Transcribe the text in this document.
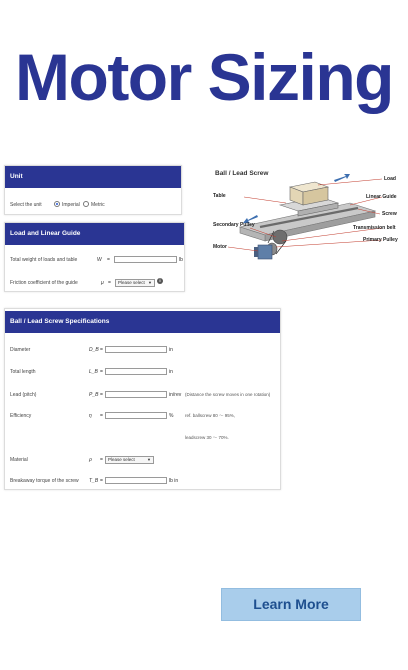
Motor Sizing
Unit
Select the unit	Imperial Metric
Load and Linear Guide
Total weight of loads and table	W =	lb
Friction coefficient of the guide	μ =	Please select ▼	i
Ball / Lead Screw Specifications
Diameter	D_B =	in
Total length	L_B =	in
Lead (pitch)	P_B =	in/rev (Distance the screw moves in one rotation)
Efficiency	η =	%	ref. ballscrew 80 〜 95%,
leadscrew 30 〜 70%.
Material	ρ =	Please select	▼
Breakaway torque of the screw T_B =	lb in
Ball / Lead Screw
Load
Table	Linear Guide
Screw
Secondary Pulley	Transmission belt
Motor
Primary Pulley
Learn More
